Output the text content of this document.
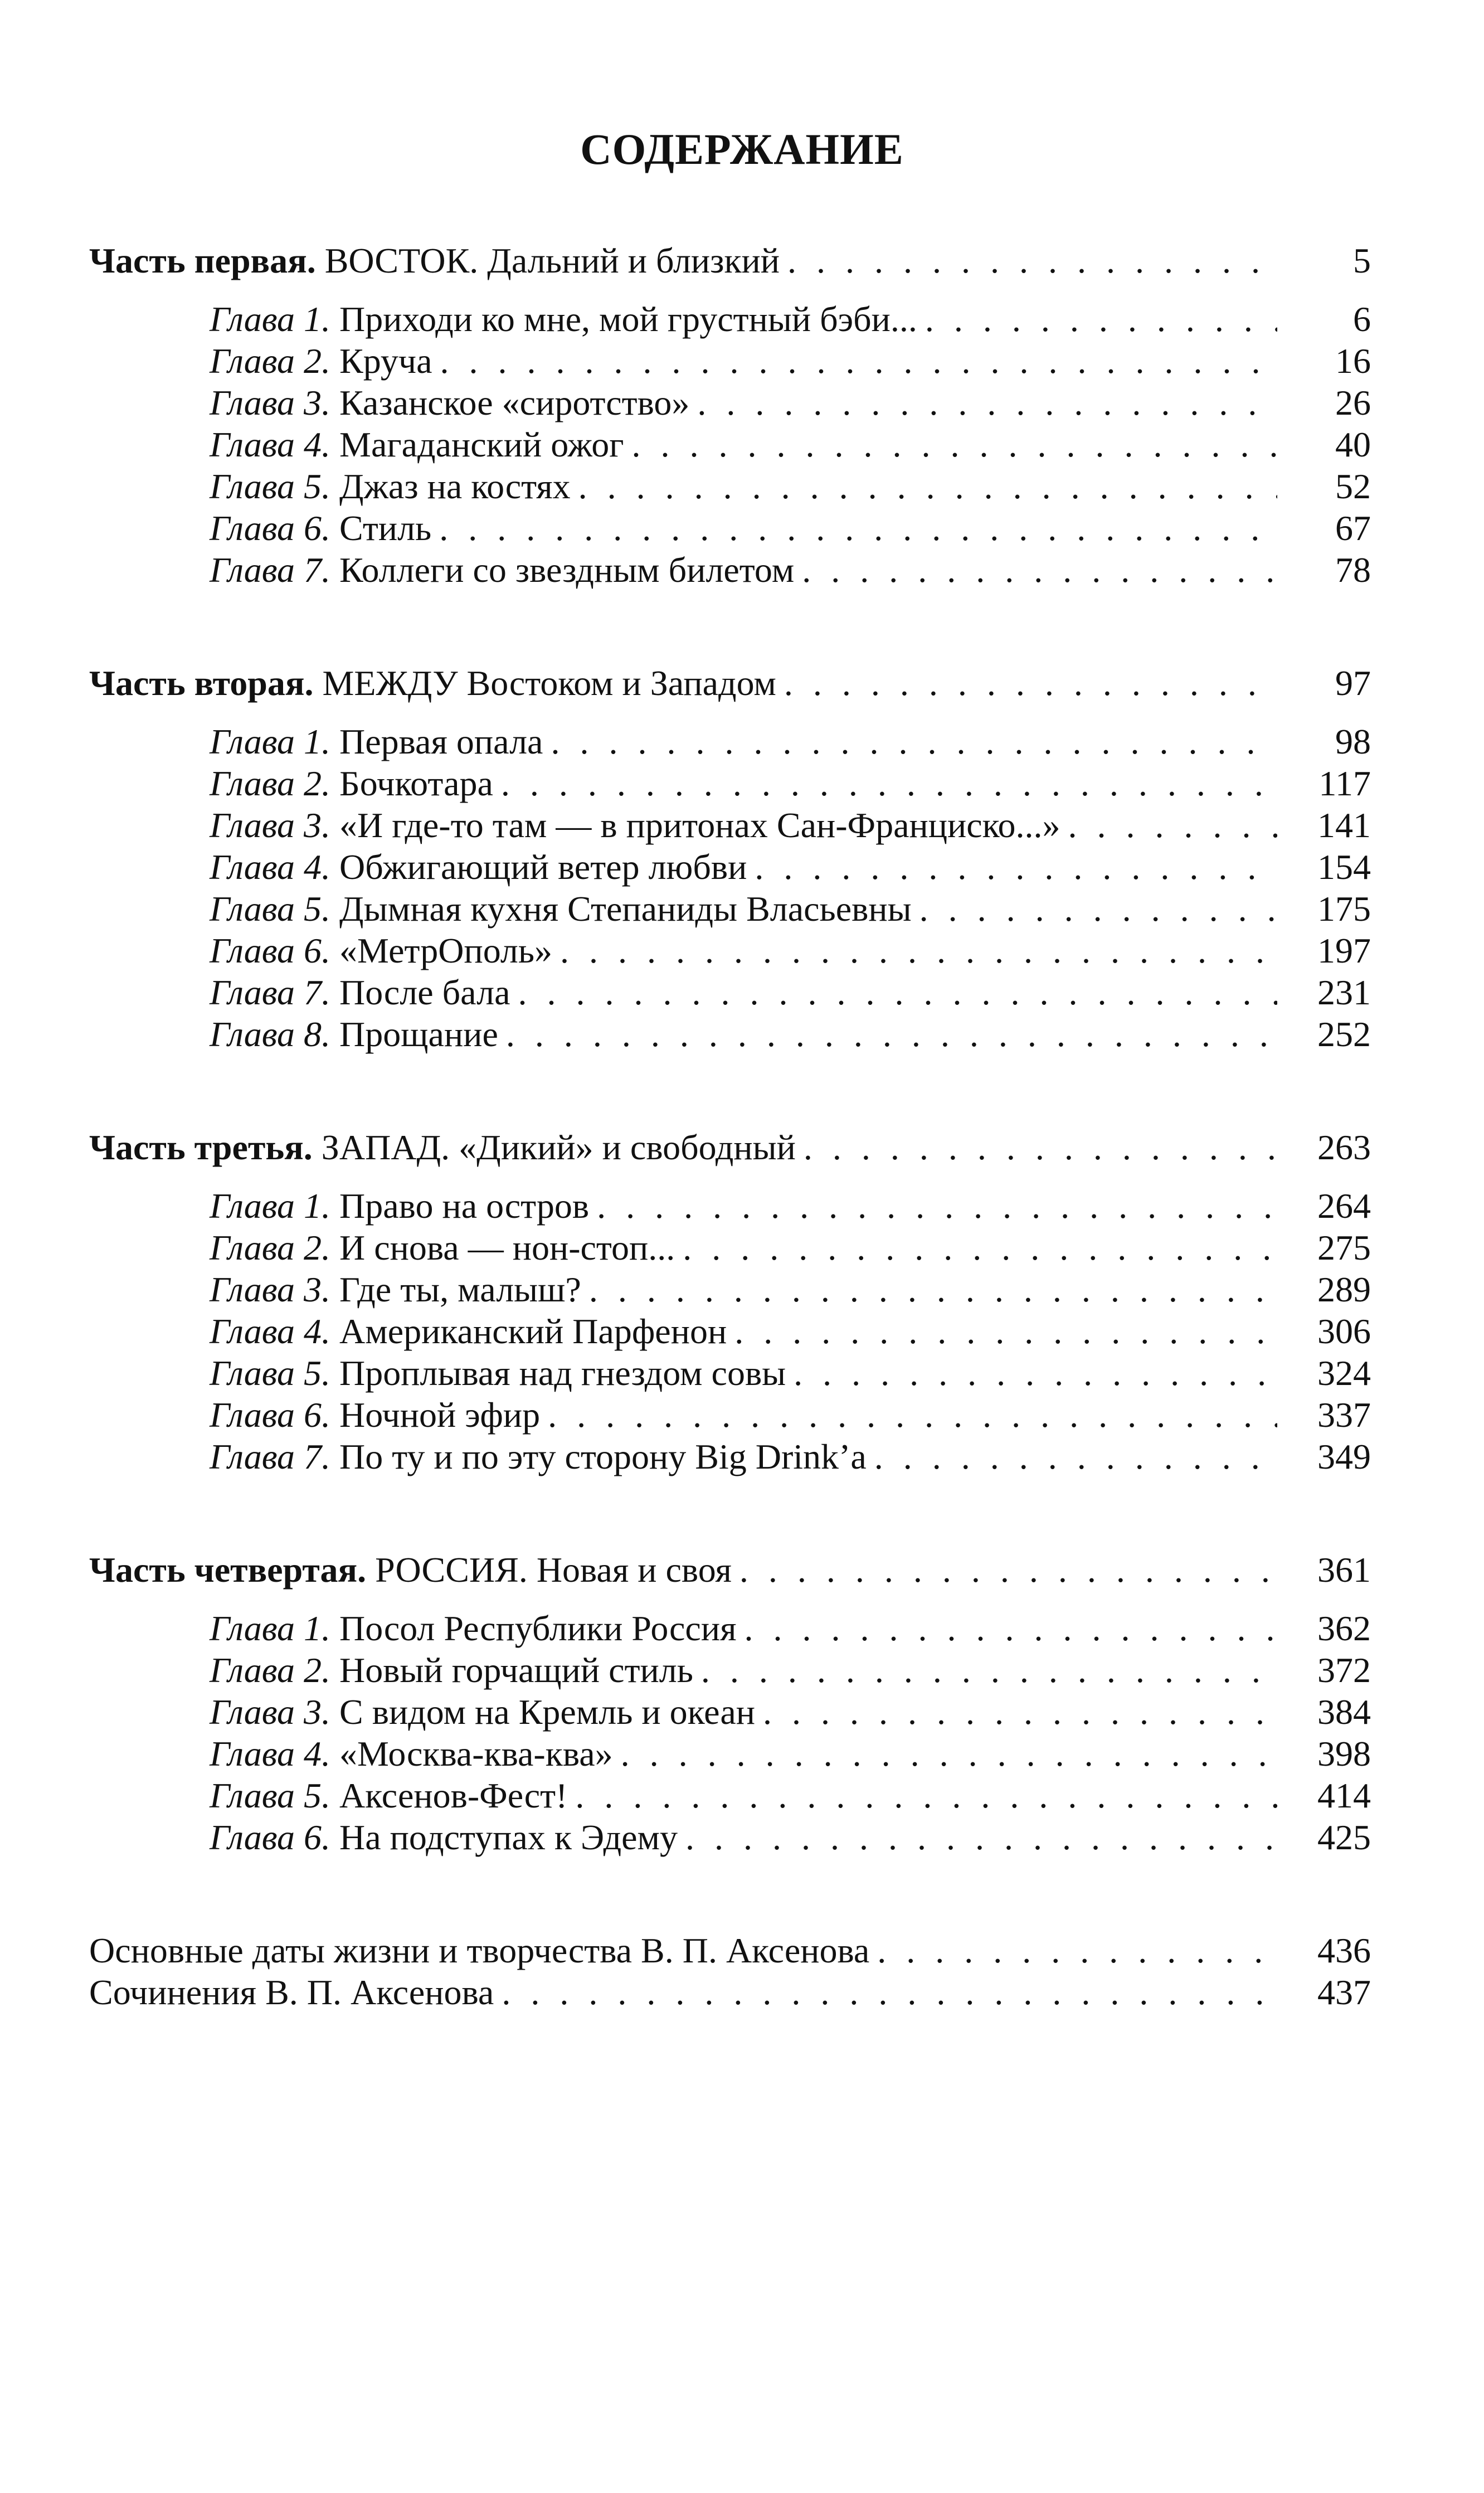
СОДЕРЖАНИЕ
Часть первая. ВОСТОК. Дальний и близкий . . .	5
Глава 1. Приходи ко мне, мой грустный бэби... . . .	6
Глава 2. Круча . . .	16
Глава 3. Казанское «сиротство» . . .	26
Глава 4. Магаданский ожог . . .	40
Глава 5. Джаз на костях . . .	52
Глава 6. Стиль . . .	67
Глава 7. Коллеги со звездным билетом . . .	78
Часть вторая. МЕЖДУ Востоком и Западом . . .	97
Глава 1. Первая опала . . .	98
Глава 2. Бочкотара . . .	117
Глава 3. «И где-то там — в притонах Сан-Франциско...» . . .	141
Глава 4. Обжигающий ветер любви . . .	154
Глава 5. Дымная кухня Степаниды Власьевны . . .	175
Глава 6. «МетрОполь» . . .	197
Глава 7. После бала . . .	231
Глава 8. Прощание . . .	252
Часть третья. ЗАПАД. «Дикий» и свободный . . .	263
Глава 1. Право на остров . . .	264
Глава 2. И снова — нон-стоп... . . .	275
Глава 3. Где ты, малыш? . . .	289
Глава 4. Американский Парфенон . . .	306
Глава 5. Проплывая над гнездом совы . . .	324
Глава 6. Ночной эфир . . .	337
Глава 7. По ту и по эту сторону Big Drink’a . . .	349
Часть четвертая. РОССИЯ. Новая и своя . . .	361
Глава 1. Посол Республики Россия . . .	362
Глава 2. Новый горчащий стиль . . .	372
Глава 3. С видом на Кремль и океан . . .	384
Глава 4. «Москва-ква-ква» . . .	398
Глава 5. Аксенов-Фест! . . .	414
Глава 6. На подступах к Эдему . . .	425
Основные даты жизни и творчества В. П. Аксенова . . .	436
Сочинения В. П. Аксенова . . .	437
